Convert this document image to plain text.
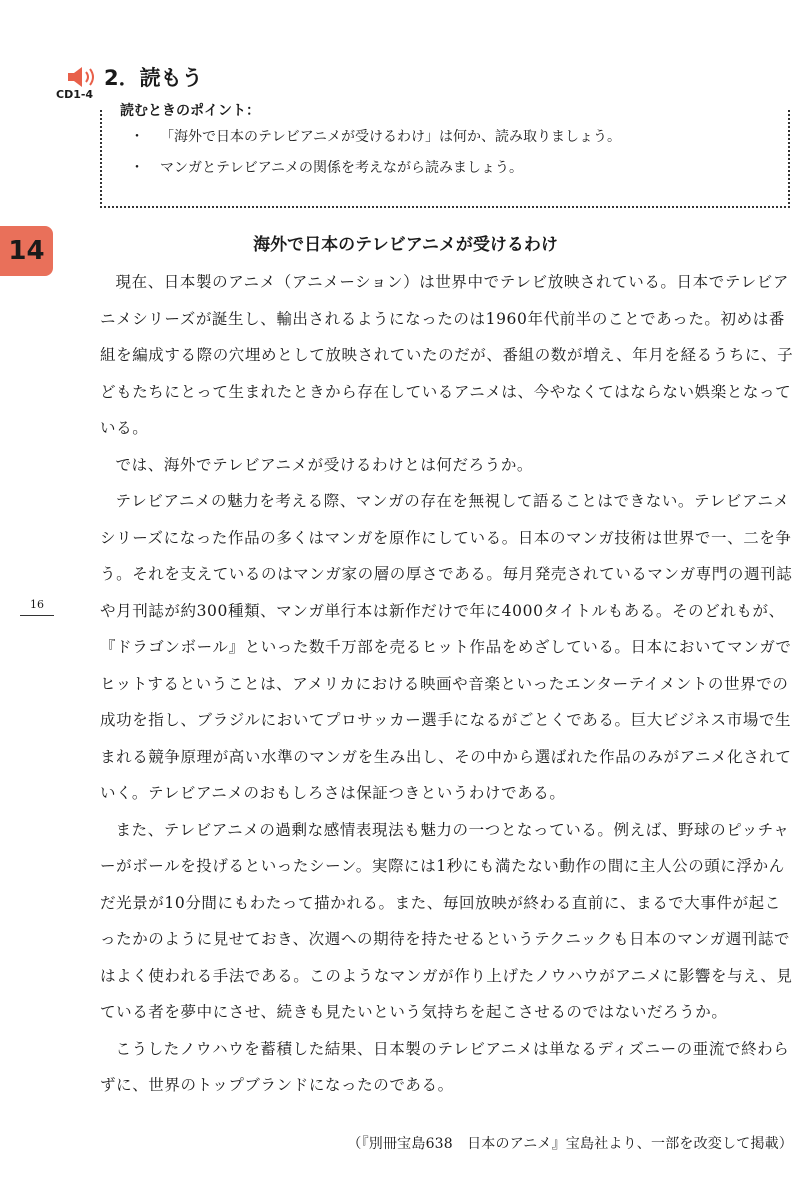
2．読もう
CD1-4
読むときのポイント：
・ 「海外で日本のテレビアニメが受けるわけ」は何か、読み取りましょう。
・ マンガとテレビアニメの関係を考えながら読みましょう。
14
16
海外で日本のテレビアニメが受けるわけ

現在、日本製のアニメ（アニメーション）は世界中でテレビ放映されている。日本でテレビアニメシリーズが誕生し、輸出されるようになったのは1960年代前半のことであった。初めは番組を編成する際の穴埋めとして放映されていたのだが、番組の数が増え、年月を経るうちに、子どもたちにとって生まれたときから存在しているアニメは、今やなくてはならない娯楽となっている。

では、海外でテレビアニメが受けるわけとは何だろうか。

テレビアニメの魅力を考える際、マンガの存在を無視して語ることはできない。テレビアニメシリーズになった作品の多くはマンガを原作にしている。日本のマンガ技術は世界で一、二を争う。それを支えているのはマンガ家の層の厚さである。毎月発売されているマンガ専門の週刊誌や月刊誌が約300種類、マンガ単行本は新作だけで年に4000タイトルもある。そのどれもが、『ドラゴンボール』といった数千万部を売るヒット作品をめざしている。日本においてマンガでヒットするということは、アメリカにおける映画や音楽といったエンターテイメントの世界での成功を指し、ブラジルにおいてプロサッカー選手になるがごとくである。巨大ビジネス市場で生まれる競争原理が高い水準のマンガを生み出し、その中から選ばれた作品のみがアニメ化されていく。テレビアニメのおもしろさは保証つきというわけである。

また、テレビアニメの過剰な感情表現法も魅力の一つとなっている。例えば、野球のピッチャーがボールを投げるといったシーン。実際には1秒にも満たない動作の間に主人公の頭に浮かんだ光景が10分間にもわたって描かれる。また、毎回放映が終わる直前に、まるで大事件が起こったかのように見せておき、次週への期待を持たせるというテクニックも日本のマンガ週刊誌ではよく使われる手法である。このようなマンガが作り上げたノウハウがアニメに影響を与え、見ている者を夢中にさせ、続きも見たいという気持ちを起こさせるのではないだろうか。

こうしたノウハウを蓄積した結果、日本製のテレビアニメは単なるディズニーの亜流で終わらずに、世界のトップブランドになったのである。

（『別冊宝島638　日本のアニメ』宝島社より、一部を改変して掲載）
